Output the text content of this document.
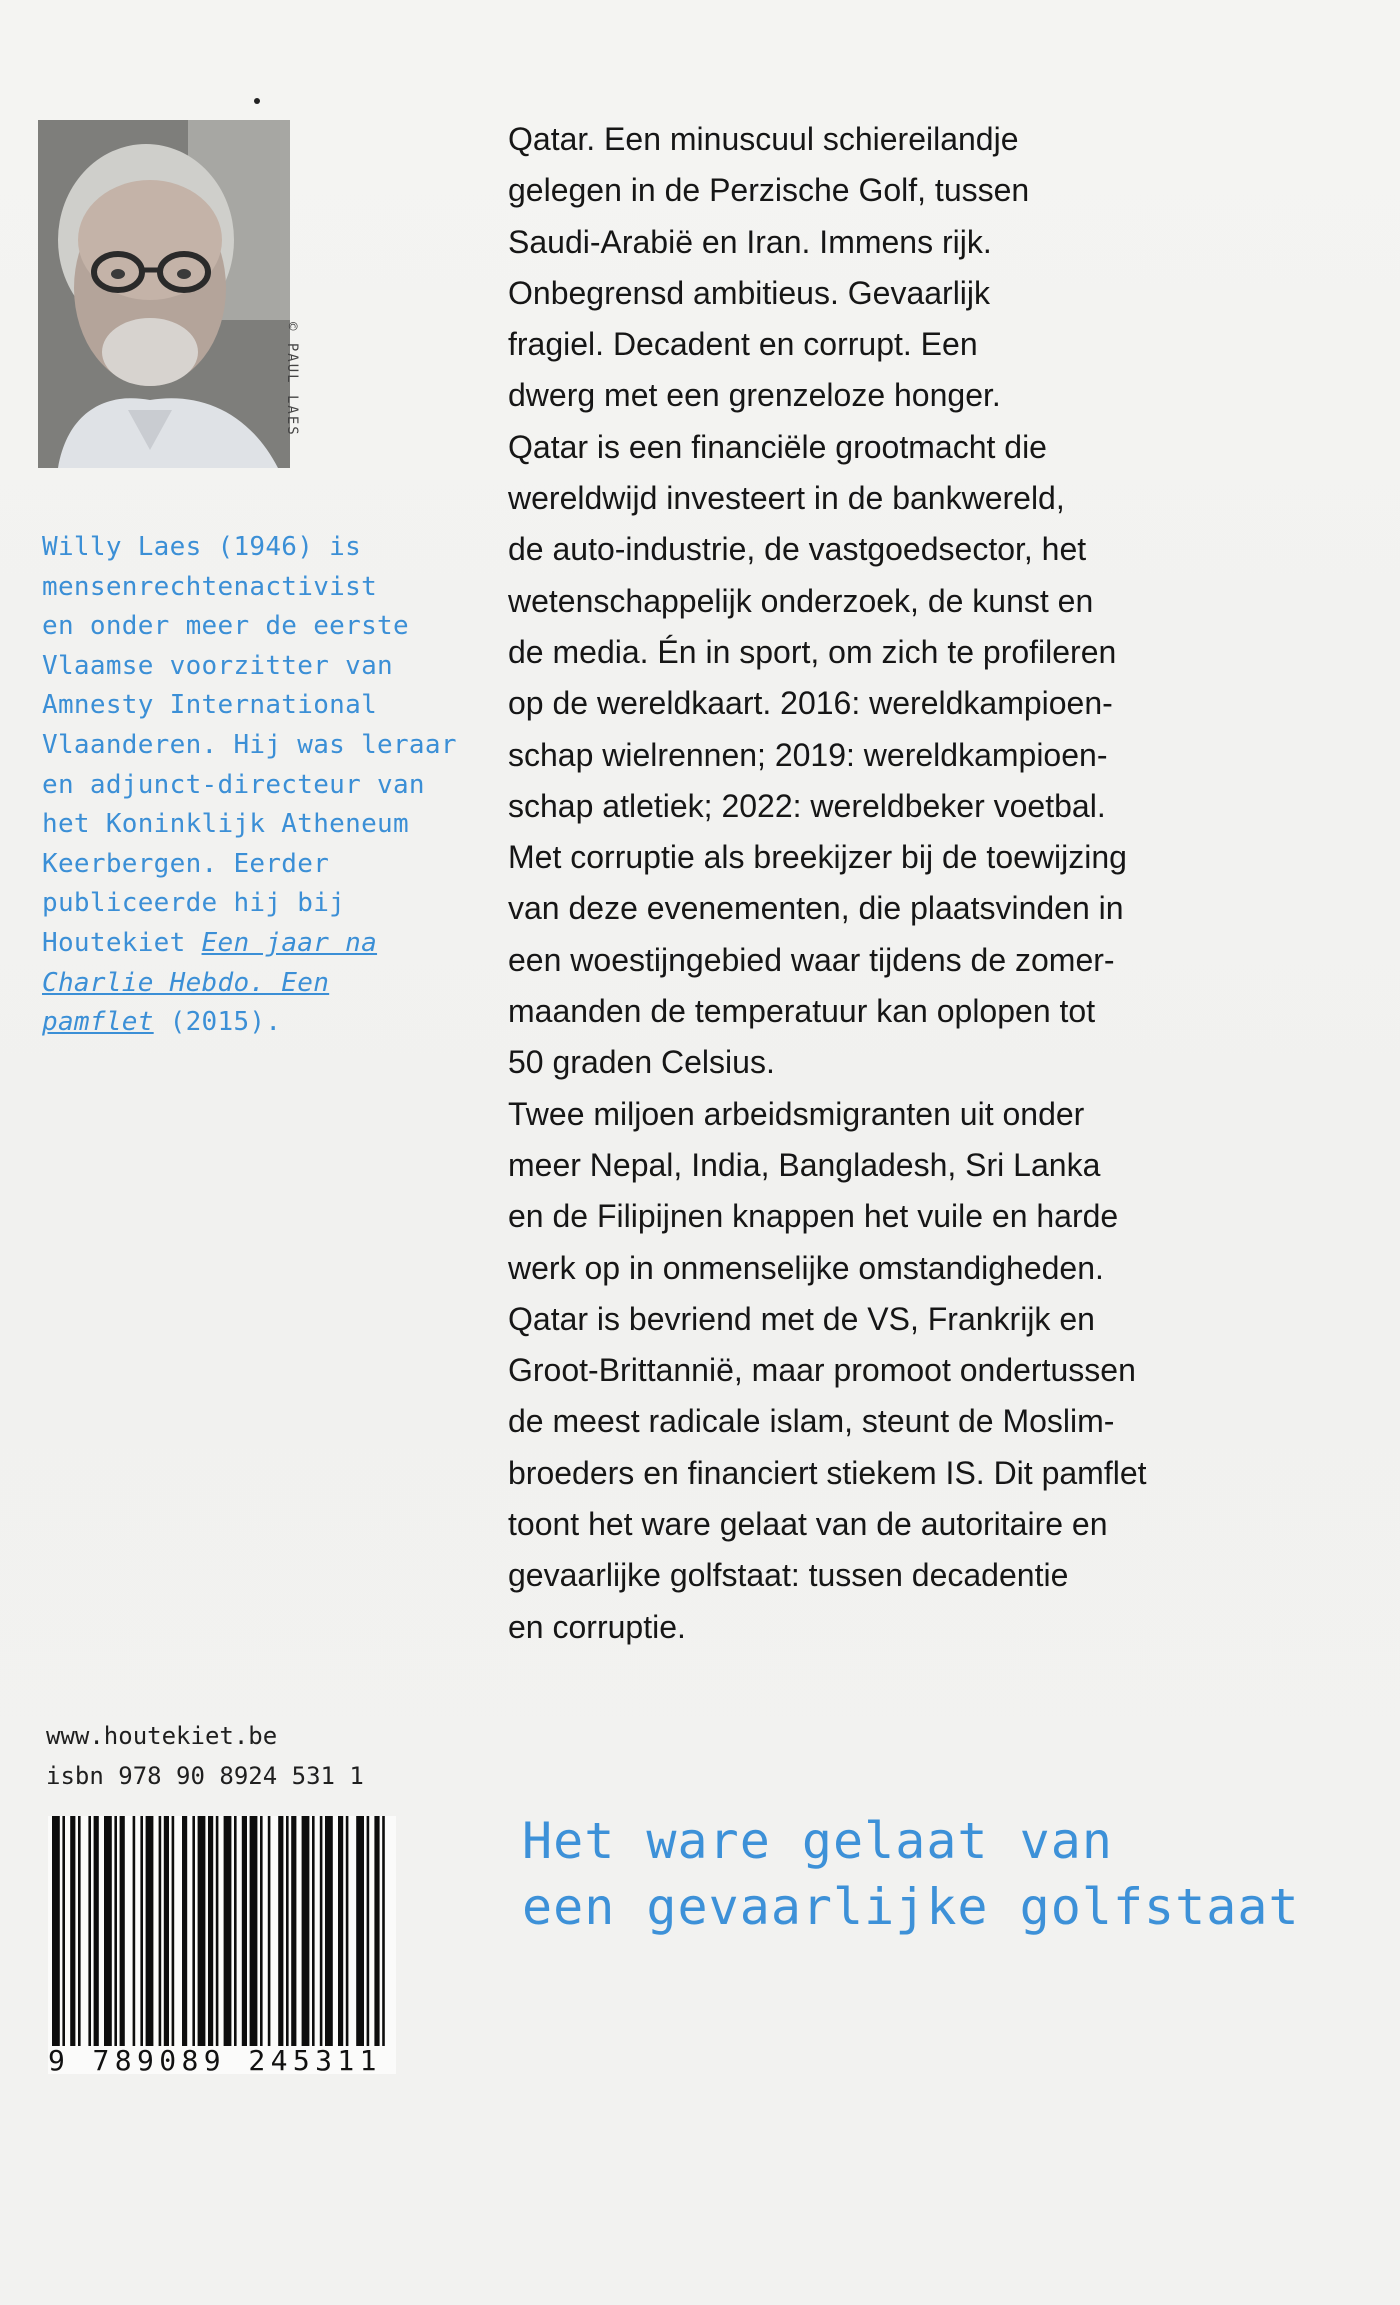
© PAUL LAES
Willy Laes (1946) is
mensenrechtenactivist
en onder meer de eerste
Vlaamse voorzitter van
Amnesty International
Vlaanderen. Hij was leraar
en adjunct-directeur van
het Koninklijk Atheneum
Keerbergen. Eerder
publiceerde hij bij
Houtekiet Een jaar na
Charlie Hebdo. Een
pamflet (2015).
Qatar. Een minuscuul schiereilandje
gelegen in de Perzische Golf, tussen
Saudi-Arabië en Iran. Immens rijk.
Onbegrensd ambitieus. Gevaarlijk
fragiel. Decadent en corrupt. Een
dwerg met een grenzeloze honger.
Qatar is een financiële grootmacht die
wereldwijd investeert in de bankwereld,
de auto-industrie, de vastgoedsector, het
wetenschappelijk onderzoek, de kunst en
de media. Én in sport, om zich te profileren
op de wereldkaart. 2016: wereldkampioen-
schap wielrennen; 2019: wereldkampioen-
schap atletiek; 2022: wereldbeker voetbal.
Met corruptie als breekijzer bij de toewijzing
van deze evenementen, die plaatsvinden in
een woestijngebied waar tijdens de zomer-
maanden de temperatuur kan oplopen tot
50 graden Celsius.
Twee miljoen arbeidsmigranten uit onder
meer Nepal, India, Bangladesh, Sri Lanka
en de Filipijnen knappen het vuile en harde
werk op in onmenselijke omstandigheden.
Qatar is bevriend met de VS, Frankrijk en
Groot-Brittannië, maar promoot ondertussen
de meest radicale islam, steunt de Moslim-
broeders en financiert stiekem IS. Dit pamflet
toont het ware gelaat van de autoritaire en
gevaarlijke golfstaat: tussen decadentie
en corruptie.
www.houtekiet.be
isbn 978 90 8924 531 1
9 789089 245311
Het ware gelaat van
een gevaarlijke golfstaat
